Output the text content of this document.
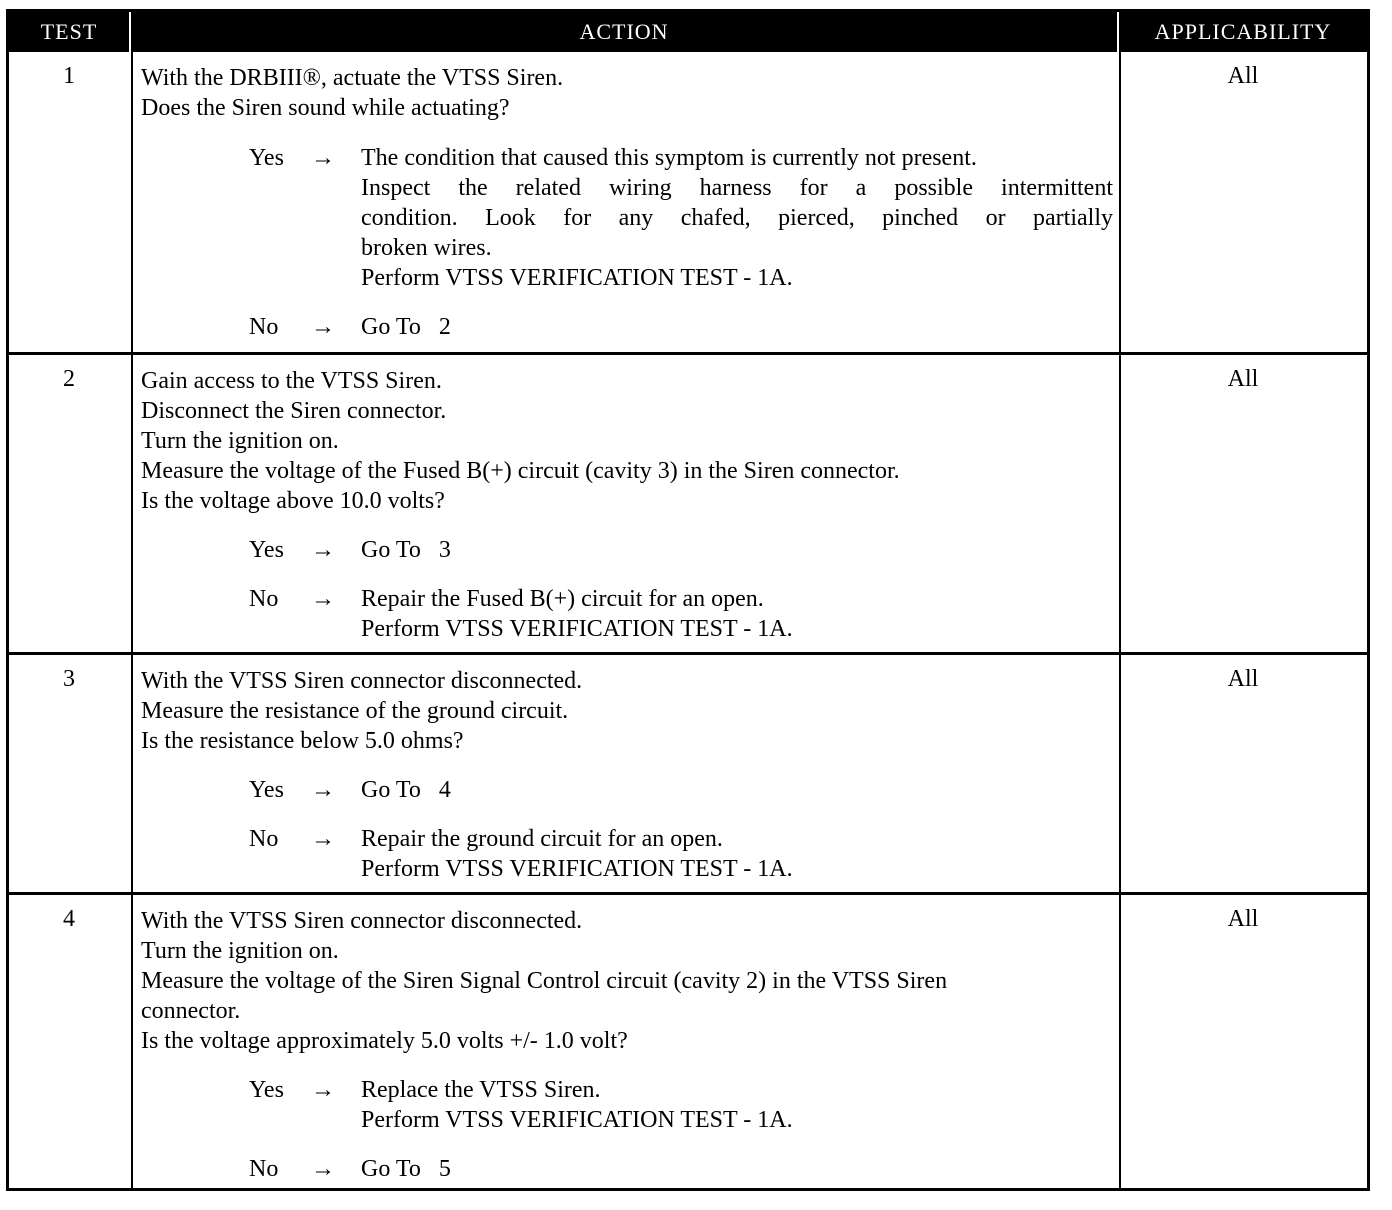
TEST	ACTION	APPLICABILITY
1	With the DRBIII®, actuate the VTSS Siren.
Does the Siren sound while actuating?
Yes → The condition that caused this symptom is currently not present.
Inspect the related wiring harness for a possible intermittent
condition. Look for any chafed, pierced, pinched or partially
broken wires.
Perform VTSS VERIFICATION TEST - 1A.
No → Go To   2
All
2	Gain access to the VTSS Siren.
Disconnect the Siren connector.
Turn the ignition on.
Measure the voltage of the Fused B(+) circuit (cavity 3) in the Siren connector.
Is the voltage above 10.0 volts?
Yes → Go To   3
No → Repair the Fused B(+) circuit for an open.
Perform VTSS VERIFICATION TEST - 1A.
All
3	With the VTSS Siren connector disconnected.
Measure the resistance of the ground circuit.
Is the resistance below 5.0 ohms?
Yes → Go To   4
No → Repair the ground circuit for an open.
Perform VTSS VERIFICATION TEST - 1A.
All
4	With the VTSS Siren connector disconnected.
Turn the ignition on.
Measure the voltage of the Siren Signal Control circuit (cavity 2) in the VTSS Siren
connector.
Is the voltage approximately 5.0 volts +/- 1.0 volt?
Yes → Replace the VTSS Siren.
Perform VTSS VERIFICATION TEST - 1A.
No → Go To   5
All
